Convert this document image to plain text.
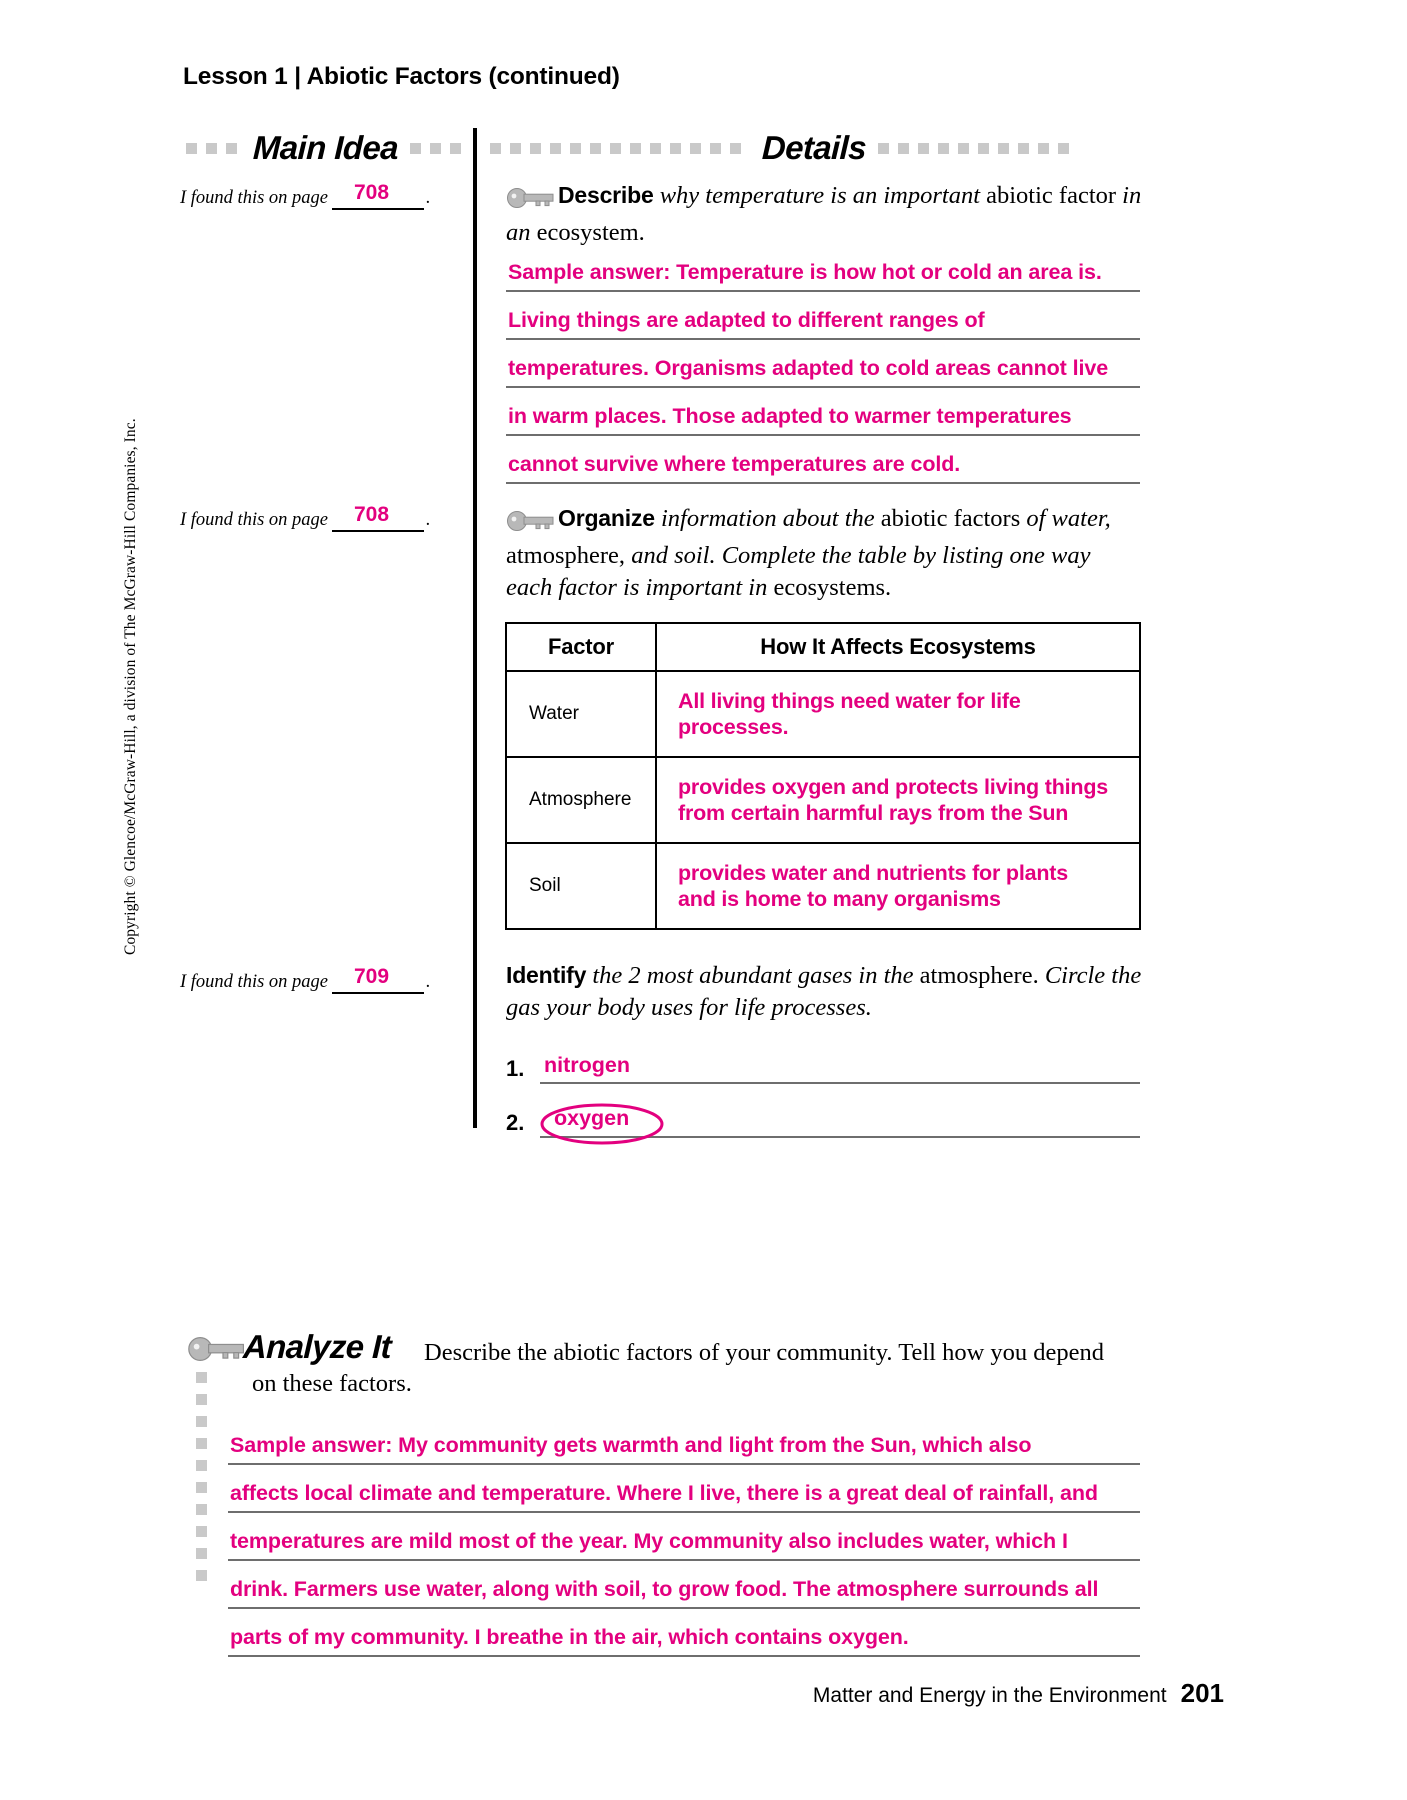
Copyright © Glencoe/McGraw-Hill, a division of The McGraw-Hill Companies, Inc.
Lesson 1 | Abiotic Factors (continued)
Main Idea	Details
I found this on page 708 .	Describe why temperature is an important abiotic factor in an ecosystem.
Sample answer: Temperature is how hot or cold an area is.
Living things are adapted to different ranges of
temperatures. Organisms adapted to cold areas cannot live
in warm places. Those adapted to warmer temperatures
cannot survive where temperatures are cold.
I found this on page 708 .	Organize information about the abiotic factors of water, atmosphere, and soil. Complete the table by listing one way each factor is important in ecosystems.
Factor	How It Affects Ecosystems
Water	All living things need water for life
processes.

Atmosphere	provides oxygen and protects living things
from certain harmful rays from the Sun

Soil	provides water and nutrients for plants
and is home to many organisms
I found this on page 709 .	Identify the 2 most abundant gases in the atmosphere. Circle the gas your body uses for life processes.
1. nitrogen
2.	oxygen
Analyze It Describe the abiotic factors of your community. Tell how you depend
on these factors.
Sample answer: My community gets warmth and light from the Sun, which also
affects local climate and temperature. Where I live, there is a great deal of rainfall, and
temperatures are mild most of the year. My community also includes water, which I
drink. Farmers use water, along with soil, to grow food. The atmosphere surrounds all
parts of my community. I breathe in the air, which contains oxygen.
Matter and Energy in the Environment 201
